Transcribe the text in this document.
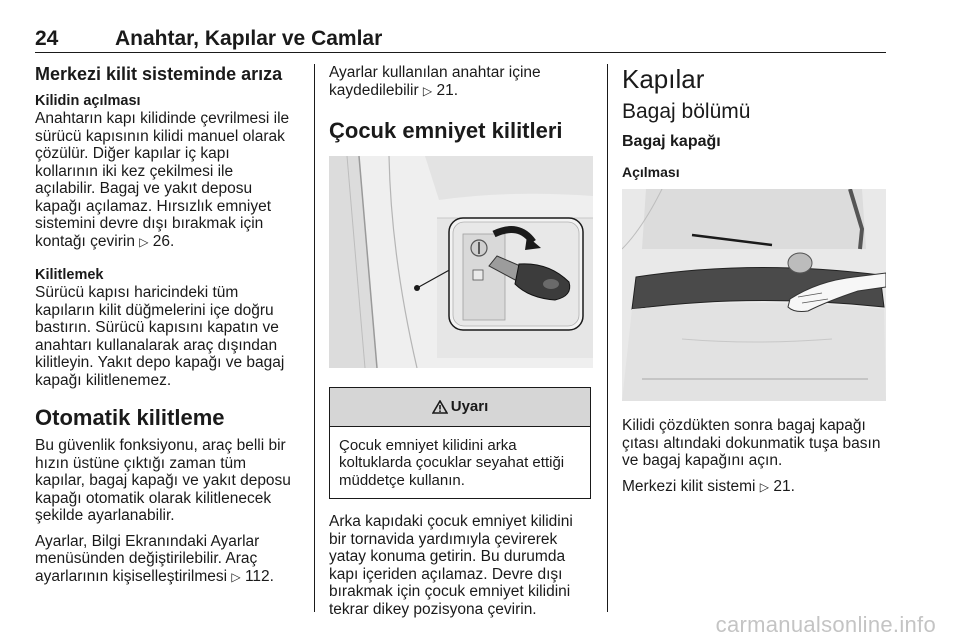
24	Anahtar, Kapılar ve Camlar
Merkezi kilit sisteminde arıza
Kilidin açılması

Anahtarın kapı kilidinde çevrilmesi ile
sürücü kapısının kilidi manuel olarak
çözülür. Diğer kapılar iç kapı
kollarının iki kez çekilmesi ile
açılabilir. Bagaj ve yakıt deposu
kapağı açılamaz. Hırsızlık emniyet
sistemini devre dışı bırakmak için
kontağı çevirin ▷ 26.

Kilitlemek

Sürücü kapısı haricindeki tüm
kapıların kilit düğmelerini içe doğru
bastırın. Sürücü kapısını kapatın ve
anahtarı kullanalarak araç dışından
kilitleyin. Yakıt depo kapağı ve bagaj
kapağı kilitlenemez.

Otomatik kilitleme

Bu güvenlik fonksiyonu, araç belli bir
hızın üstüne çıktığı zaman tüm
kapılar, bagaj kapağı ve yakıt deposu
kapağı otomatik olarak kilitlenecek
şekilde ayarlanabilir.

Ayarlar, Bilgi Ekranındaki Ayarlar
menüsünden değiştirilebilir. Araç
ayarlarının kişiselleştirilmesi ▷ 112.

Ayarlar kullanılan anahtar içine
kaydedilebilir ▷ 21.

Çocuk emniyet kilitleri
Uyarı
Çocuk emniyet kilidini arka
koltuklarda çocuklar seyahat ettiği
müddetçe kullanın.

Arka kapıdaki çocuk emniyet kilidini
bir tornavida yardımıyla çevirerek
yatay konuma getirin. Bu durumda
kapı içeriden açılamaz. Devre dışı
bırakmak için çocuk emniyet kilidini
tekrar dikey pozisyona çevirin.

Kapılar
Bagaj bölümü
Bagaj kapağı
Açılması

Kilidi çözdükten sonra bagaj kapağı
çıtası altındaki dokunmatik tuşa basın
ve bagaj kapağını açın.

Merkezi kilit sistemi ▷ 21.

carmanualsonline.info
